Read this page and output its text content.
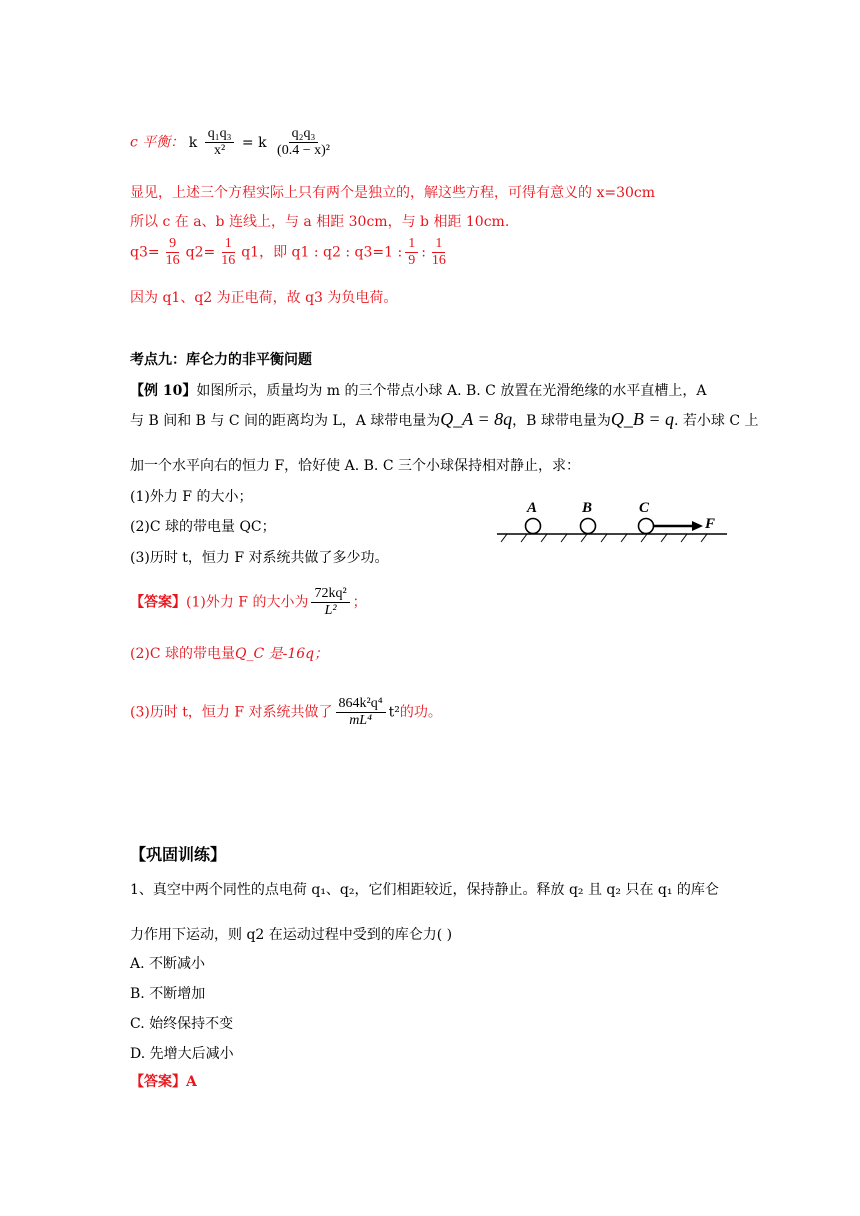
c 平衡： k $\frac{\text{q₁q₃}}{\text{x²}} = k \frac{\text{q₂q₃}}{\text{(0.4 − x)²}}$
显见，上述三个方程实际上只有两个是独立的，解这些方程，可得有意义的 x=30cm
所以 c 在 a、b 连线上，与 a 相距 30cm，与 b 相距 10cm.
$q3= \frac{9}{16} q2= \frac{1}{16} q1$，即 q1 : q2 : q3=1 : $\frac{1}{9}$ : $\frac{1}{16}$
因为 q1、q2 为正电荷，故 q3 为负电荷。
考点九：库仑力的非平衡问题
【例 10】如图所示，质量均为 m 的三个带点小球 A. B. C 放置在光滑绝缘的水平直槽上，A
与 B 间和 B 与 C 间的距离均为 L，A 球带电量为Q_A = 8q，B 球带电量为Q_B = q. 若小球 C 上
加一个水平向右的恒力 F，恰好使 A. B. C 三个小球保持相对静止，求：
(1)外力 F 的大小；
(2)C 球的带电量 QC；
(3)历时 t，恒力 F 对系统共做了多少功。
A	B	C
F
【答案】(1)外力 F 的大小为 $\frac{\text{72kq²}}{\text{L²}}$ ；
(2)C 球的带电量Q_C 是-16q；
(3)历时 t，恒力 F 对系统共做了 $\frac{\text{864k²q⁴}}{\text{mL⁴}} t^2$的功。
【巩固训练】
1、真空中两个同性的点电荷 q₁、q₂，它们相距较近，保持静止。释放 q₂ 且 q₂ 只在 q₁ 的库仑
力作用下运动，则 q2 在运动过程中受到的库仑力( )
A. 不断减小
B. 不断增加
C. 始终保持不变
D. 先增大后减小
【答案】A
